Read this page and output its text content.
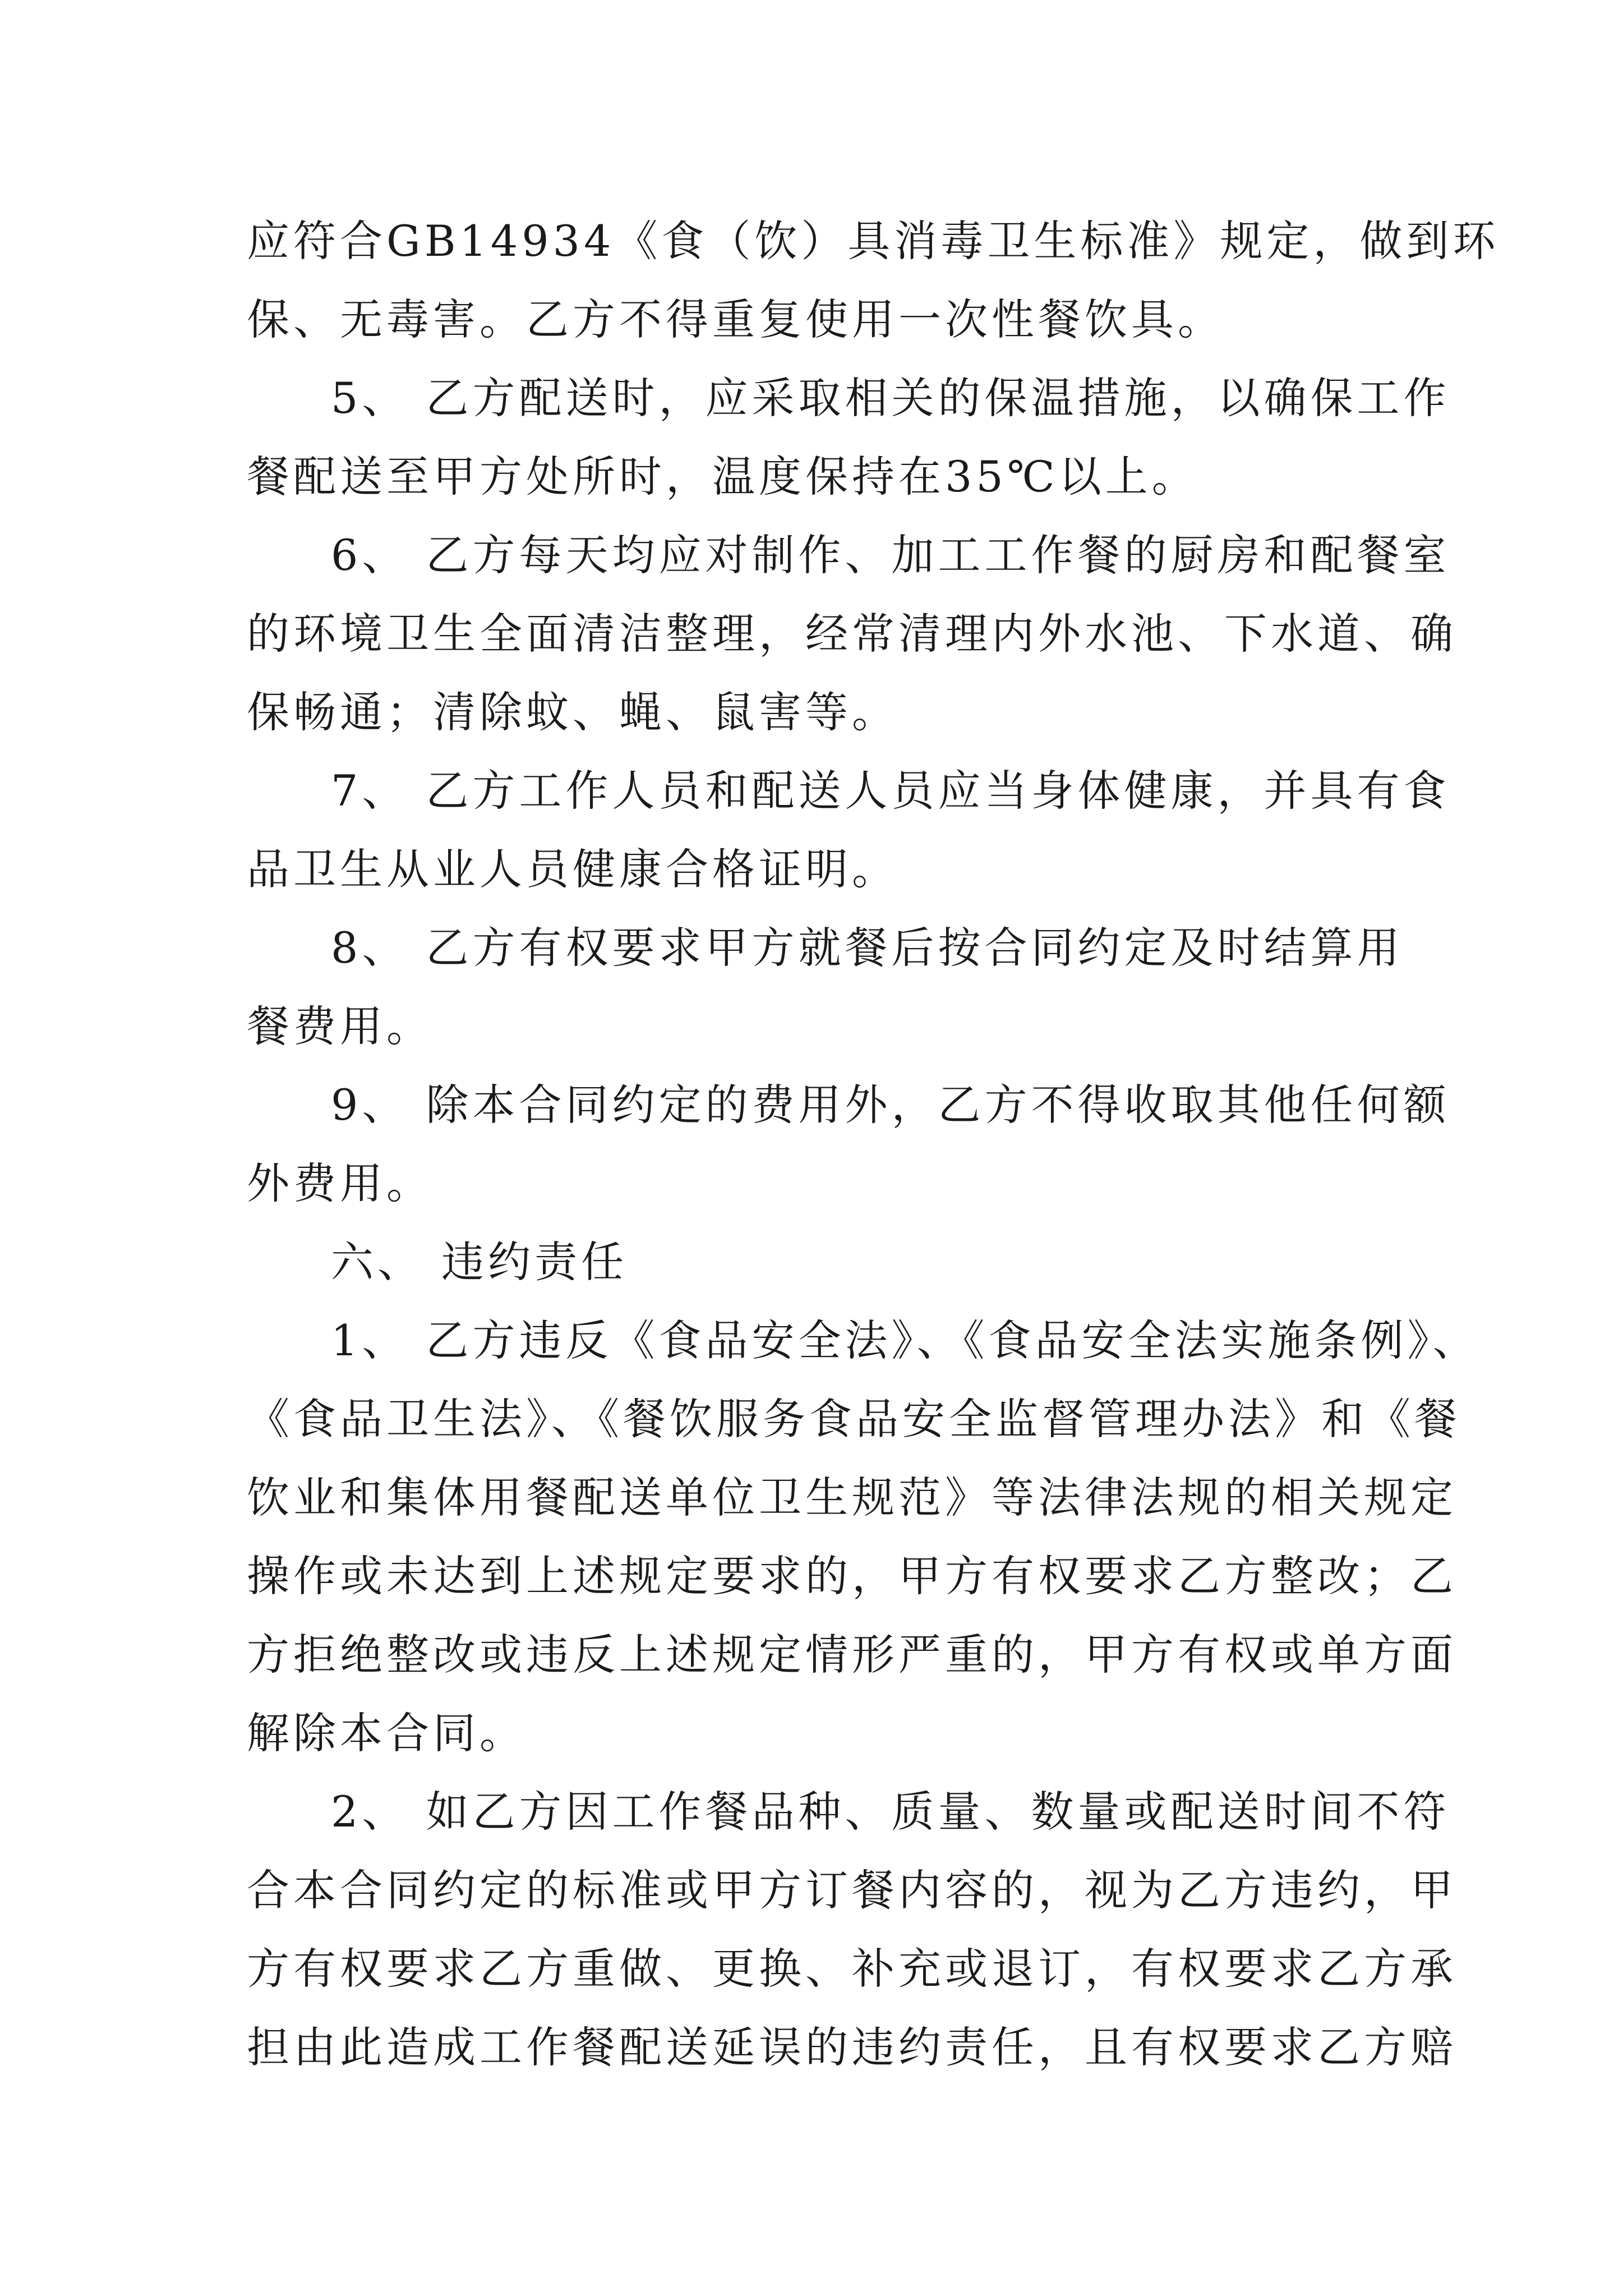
应符合GB14934《食（饮）具消毒卫生标准》规定，做到环
保、无毒害。乙方不得重复使用一次性餐饮具。
5、 乙方配送时，应采取相关的保温措施，以确保工作
餐配送至甲方处所时，温度保持在35℃以上。
6、 乙方每天均应对制作、加工工作餐的厨房和配餐室
的环境卫生全面清洁整理，经常清理内外水池、下水道、确
保畅通；清除蚊、蝇、鼠害等。
7、 乙方工作人员和配送人员应当身体健康，并具有食
品卫生从业人员健康合格证明。
8、 乙方有权要求甲方就餐后按合同约定及时结算用
餐费用。
9、 除本合同约定的费用外，乙方不得收取其他任何额
外费用。
六、 违约责任
1、 乙方违反《食品安全法》、《食品安全法实施条例》、
《食品卫生法》、《餐饮服务食品安全监督管理办法》和《餐
饮业和集体用餐配送单位卫生规范》等法律法规的相关规定
操作或未达到上述规定要求的，甲方有权要求乙方整改；乙
方拒绝整改或违反上述规定情形严重的，甲方有权或单方面
解除本合同。
2、 如乙方因工作餐品种、质量、数量或配送时间不符
合本合同约定的标准或甲方订餐内容的，视为乙方违约，甲
方有权要求乙方重做、更换、补充或退订，有权要求乙方承
担由此造成工作餐配送延误的违约责任，且有权要求乙方赔
